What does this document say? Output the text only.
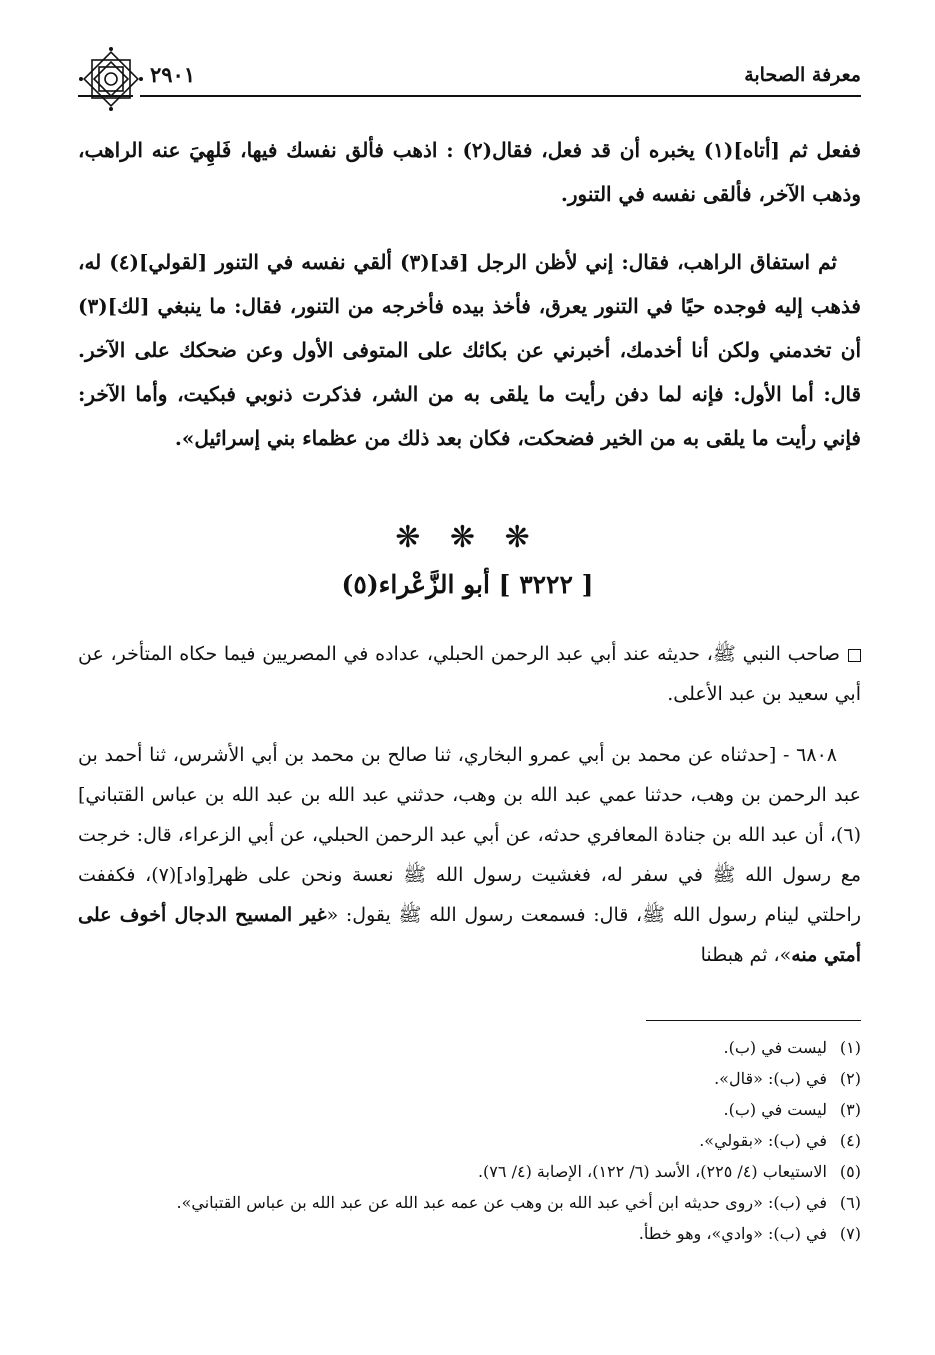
معرفة الصحابة
٢٩٠١
ففعل ثم [أتاه](١) يخبره أن قد فعل، فقال(٢) : اذهب فألق نفسك فيها، فَلهِيَ عنه الراهب، وذهب الآخر، فألقى نفسه في التنور.
ثم استفاق الراهب، فقال: إني لأظن الرجل [قد](٣) ألقي نفسه في التنور [لقولي](٤) له، فذهب إليه فوجده حيًا في التنور يعرق، فأخذ بيده فأخرجه من التنور، فقال: ما ينبغي [لك](٣) أن تخدمني ولكن أنا أخدمك، أخبرني عن بكائك على المتوفى الأول وعن ضحكك على الآخر. قال: أما الأول: فإنه لما دفن رأيت ما يلقى به من الشر، فذكرت ذنوبي فبكيت، وأما الآخر: فإني رأيت ما يلقى به من الخير فضحكت، فكان بعد ذلك من عظماء بني إسرائيل».
❋ ❋ ❋
[ ٣٢٢٢ ] أبو الزَّعْراء(٥)
صاحب النبي ﷺ، حديثه عند أبي عبد الرحمن الحبلي، عداده في المصريين فيما حكاه المتأخر، عن أبي سعيد بن عبد الأعلى.
٦٨٠٨ - [حدثناه عن محمد بن أبي عمرو البخاري، ثنا صالح بن محمد بن أبي الأشرس، ثنا أحمد بن عبد الرحمن بن وهب، حدثنا عمي عبد الله بن وهب، حدثني عبد الله بن عبد الله بن عباس القتباني](٦)، أن عبد الله بن جنادة المعافري حدثه، عن أبي عبد الرحمن الحبلي، عن أبي الزعراء، قال: خرجت مع رسول الله ﷺ في سفر له، فغشيت رسول الله ﷺ نعسة ونحن على ظهر[واد](٧)، فكففت راحلتي لينام رسول الله ﷺ، قال: فسمعت رسول الله ﷺ يقول: «غير المسيح الدجال أخوف على أمتي منه»، ثم هبطنا
(١)ليست في (ب).
(٢)في (ب): «قال».
(٣)ليست في (ب).
(٤)في (ب): «بقولي».
(٥)الاستيعاب (٤/ ٢٢٥)، الأسد (٦/ ١٢٢)، الإصابة (٤/ ٧٦).
(٦)في (ب): «روى حديثه ابن أخي عبد الله بن وهب عن عمه عبد الله عن عبد الله بن عباس القتباني».
(٧)في (ب): «وادي»، وهو خطأ.
